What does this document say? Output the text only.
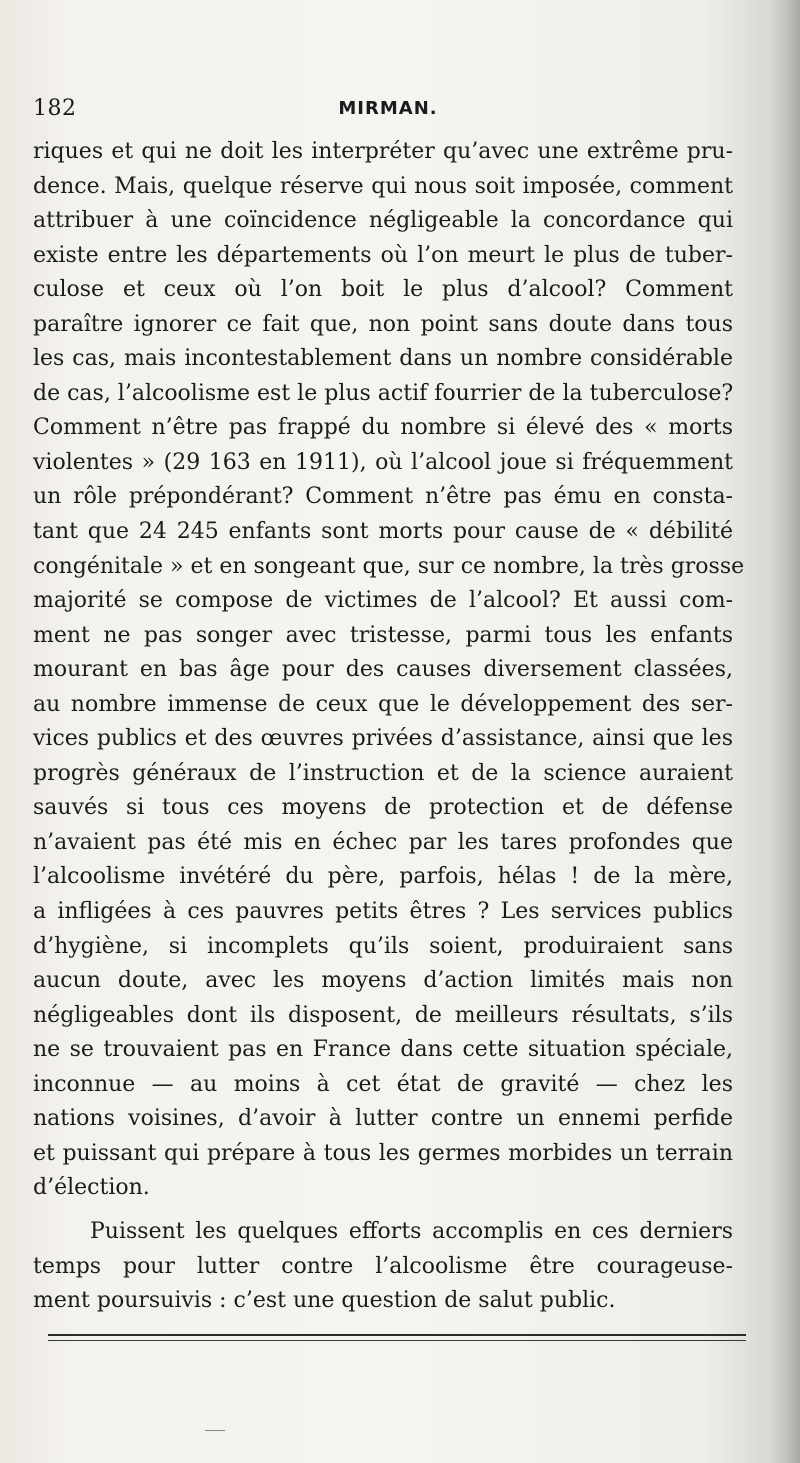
182	MIRMAN.
riques et qui ne doit les interpréter qu’avec une extrême pru-
dence. Mais, quelque réserve qui nous soit imposée, comment
attribuer à une coïncidence négligeable la concordance qui
existe entre les départements où l’on meurt le plus de tuber-
culose et ceux où l’on boit le plus d’alcool? Comment
paraître ignorer ce fait que, non point sans doute dans tous
les cas, mais incontestablement dans un nombre considérable
de cas, l’alcoolisme est le plus actif fourrier de la tuberculose?
Comment n’être pas frappé du nombre si élevé des « morts
violentes » (29 163 en 1911), où l’alcool joue si fréquemment
un rôle prépondérant? Comment n’être pas ému en consta-
tant que 24 245 enfants sont morts pour cause de « débilité
congénitale » et en songeant que, sur ce nombre, la très grosse
majorité se compose de victimes de l’alcool? Et aussi com-
ment ne pas songer avec tristesse, parmi tous les enfants
mourant en bas âge pour des causes diversement classées,
au nombre immense de ceux que le développement des ser-
vices publics et des œuvres privées d’assistance, ainsi que les
progrès généraux de l’instruction et de la science auraient
sauvés si tous ces moyens de protection et de défense
n’avaient pas été mis en échec par les tares profondes que
l’alcoolisme invétéré du père, parfois, hélas ! de la mère,
a infligées à ces pauvres petits êtres ? Les services publics
d’hygiène, si incomplets qu’ils soient, produiraient sans
aucun doute, avec les moyens d’action limités mais non
négligeables dont ils disposent, de meilleurs résultats, s’ils
ne se trouvaient pas en France dans cette situation spéciale,
inconnue — au moins à cet état de gravité — chez les
nations voisines, d’avoir à lutter contre un ennemi perfide
et puissant qui prépare à tous les germes morbides un terrain
d’élection.
Puissent les quelques efforts accomplis en ces derniers
temps pour lutter contre l’alcoolisme être courageuse-
ment poursuivis : c’est une question de salut public.
